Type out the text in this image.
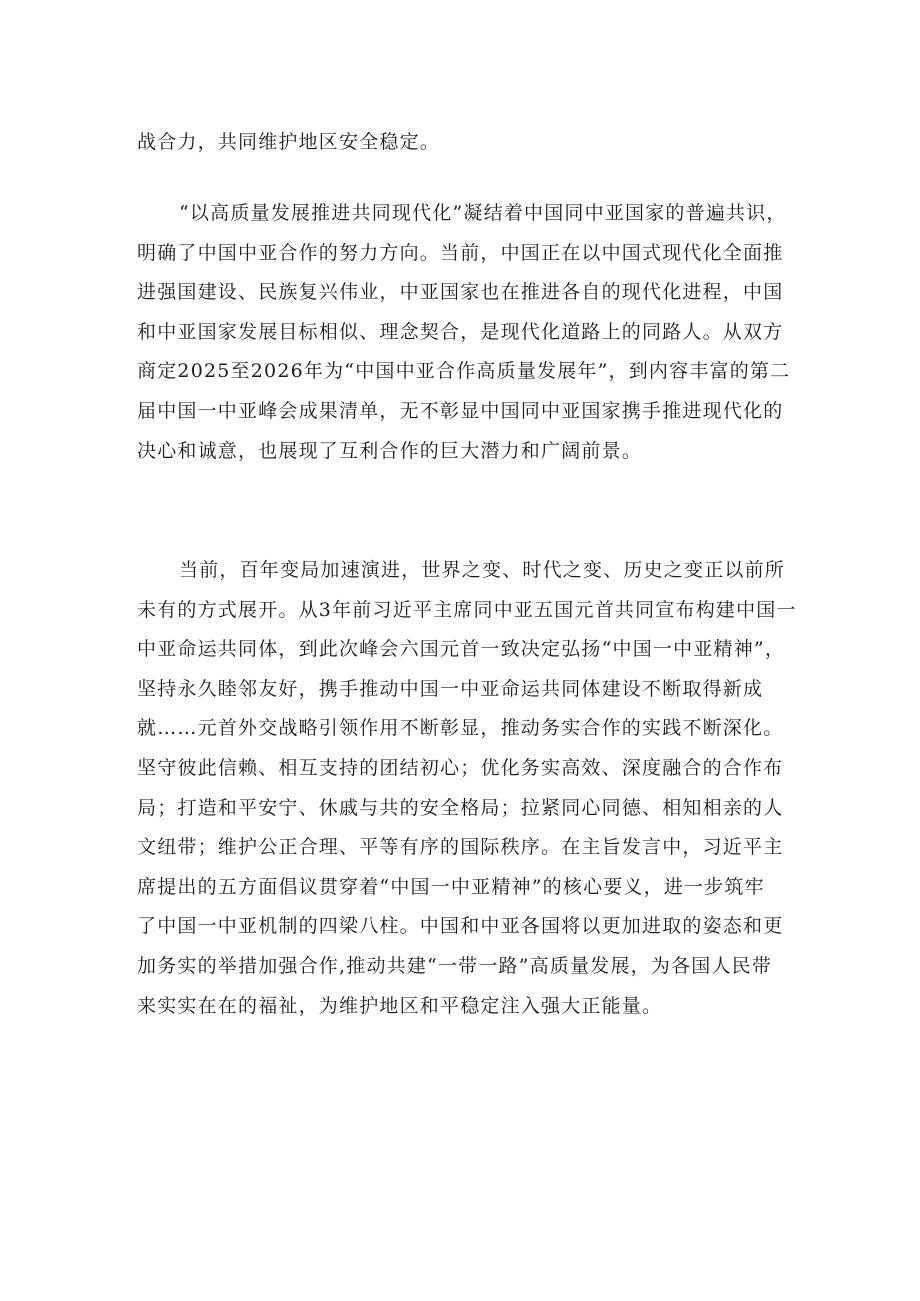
战合力，共同维护地区安全稳定。
“以高质量发展推进共同现代化”凝结着中国同中亚国家的普遍共识，
明确了中国中亚合作的努力方向。当前，中国正在以中国式现代化全面推
进强国建设、民族复兴伟业，中亚国家也在推进各自的现代化进程，中国
和中亚国家发展目标相似、理念契合，是现代化道路上的同路人。从双方
商定2025至2026年为“中国中亚合作高质量发展年”，到内容丰富的第二
届中国一中亚峰会成果清单，无不彰显中国同中亚国家携手推进现代化的
决心和诚意，也展现了互利合作的巨大潜力和广阔前景。
当前，百年变局加速演进，世界之变、时代之变、历史之变正以前所
未有的方式展开。从3年前习近平主席同中亚五国元首共同宣布构建中国一
中亚命运共同体，到此次峰会六国元首一致决定弘扬“中国一中亚精神”，
坚持永久睦邻友好，携手推动中国一中亚命运共同体建设不断取得新成
就……元首外交战略引领作用不断彰显，推动务实合作的实践不断深化。
坚守彼此信赖、相互支持的团结初心；优化务实高效、深度融合的合作布
局；打造和平安宁、休戚与共的安全格局；拉紧同心同德、相知相亲的人
文纽带；维护公正合理、平等有序的国际秩序。在主旨发言中，习近平主
席提出的五方面倡议贯穿着“中国一中亚精神”的核心要义，进一步筑牢
了中国一中亚机制的四梁八柱。中国和中亚各国将以更加进取的姿态和更
加务实的举措加强合作,推动共建“一带一路”高质量发展，为各国人民带
来实实在在的福祉，为维护地区和平稳定注入强大正能量。
